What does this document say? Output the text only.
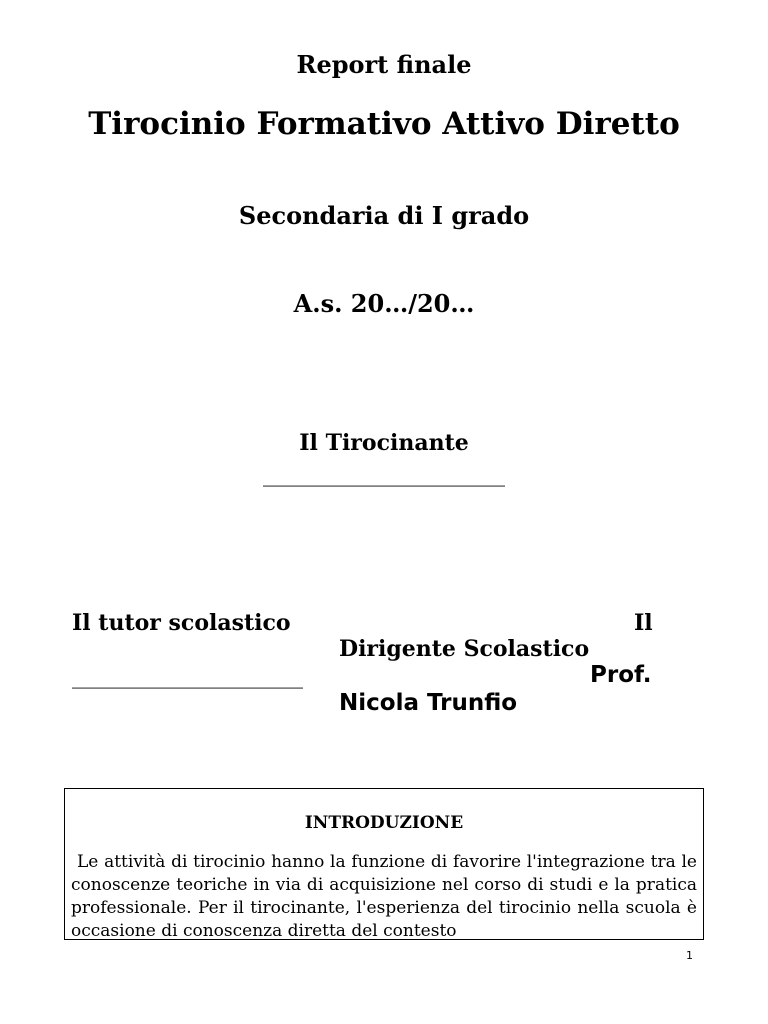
Report finale
Tirocinio Formativo Attivo Diretto
Secondaria di I grado
A.s. 20…/20…
Il Tirocinante
______________________
Il tutor scolastico
_____________________
Il
Dirigente Scolastico
Prof.
Nicola Trunfio
INTRODUZIONE
Le attività di tirocinio hanno la funzione di favorire l'integrazione tra le conoscenze teoriche in via di acquisizione nel corso di studi e la pratica professionale. Per il tirocinante, l'esperienza del tirocinio nella scuola è occasione di conoscenza diretta del contesto
1
